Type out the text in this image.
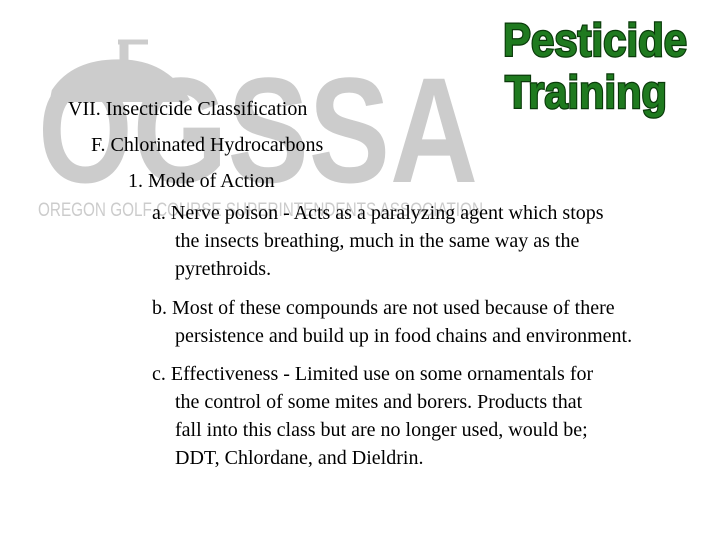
OGSSA
OREGON GOLF COURSE SUPERINTENDENTS ASSOCIATION
Pesticide
Training
VII. Insecticide Classification
F. Chlorinated Hydrocarbons
1. Mode of Action
a. Nerve poison - Acts as a paralyzing agent which stops
the insects breathing, much in the same way as the
pyrethroids.
b. Most of these compounds are not used because of there
persistence and build up in food chains and environment.
c. Effectiveness - Limited use on some ornamentals for
the control of some mites and borers. Products that
fall into this class but are no longer used, would be;
DDT, Chlordane, and Dieldrin.
